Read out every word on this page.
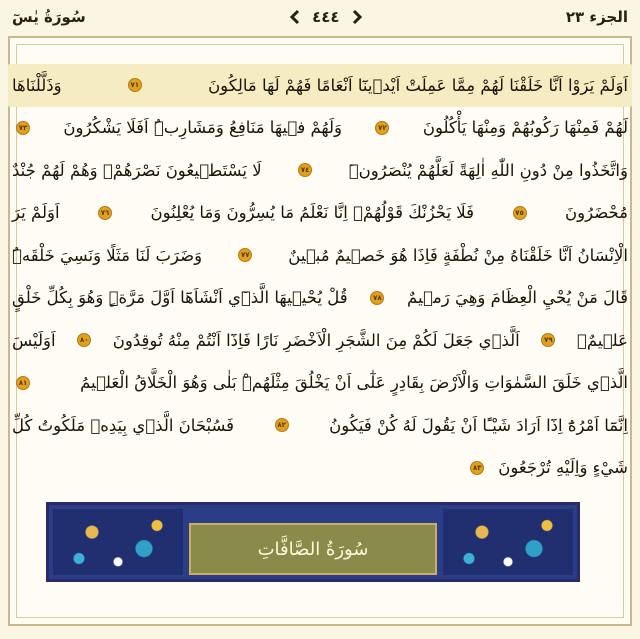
سُورَةُ يٰسٓ	٤٤٤	الجزء ٢٣
اَوَلَمْ يَرَوْا اَنَّا خَلَقْنَا لَهُمْ مِمَّا عَمِلَتْ اَيْدٖينَٓا اَنْعَامًا فَهُمْ لَهَا مَالِكُونَ
٧١
وَذَلَّلْنَاهَا
لَهُمْ فَمِنْهَا رَكُوبُهُمْ وَمِنْهَا يَأْكُلُونَ
٧٢
وَلَهُمْ فٖيهَا مَنَافِعُ وَمَشَارِبُۜ اَفَلَا يَشْكُرُونَ
٧٣
وَاتَّخَذُوا مِنْ دُونِ اللّٰهِ اٰلِهَةً لَعَلَّهُمْ يُنْصَرُونَۜ
٧٤
لَا يَسْتَطٖيعُونَ نَصْرَهُمْۙ وَهُمْ لَهُمْ جُنْدٌ
مُحْضَرُونَ
٧٥
فَلَا يَحْزُنْكَ قَوْلُهُمْۢ اِنَّا نَعْلَمُ مَا يُسِرُّونَ وَمَا يُعْلِنُونَ
٧٦
اَوَلَمْ يَرَ
الْاِنْسَانُ اَنَّا خَلَقْنَاهُ مِنْ نُطْفَةٍ فَاِذَا هُوَ خَصٖيمٌ مُبٖينٌ
٧٧
وَضَرَبَ لَنَا مَثَلًا وَنَسِيَ خَلْقَهُۜ
قَالَ مَنْ يُحْيِ الْعِظَامَ وَهِيَ رَمٖيمٌ
٧٨
قُلْ يُحْيٖيهَا الَّذٖٓي اَنْشَاَهَٓا اَوَّلَ مَرَّةٍۜ وَهُوَ بِكُلِّ خَلْقٍ
عَلٖيمٌۙ
٧٩
اَلَّذٖي جَعَلَ لَكُمْ مِنَ الشَّجَرِ الْاَخْضَرِ نَارًا فَاِذَٓا اَنْتُمْ مِنْهُ تُوقِدُونَ
٨٠
اَوَلَيْسَ
الَّذٖي خَلَقَ السَّمٰوَاتِ وَالْاَرْضَ بِقَادِرٍ عَلٰٓى اَنْ يَخْلُقَ مِثْلَهُمْۜ بَلٰى وَهُوَ الْخَلَّاقُ الْعَلٖيمُ
٨١
اِنَّمَٓا اَمْرُهُٓ اِذَٓا اَرَادَ شَيْـًٔا اَنْ يَقُولَ لَهُ كُنْ فَيَكُونُ
٨٢
فَسُبْحَانَ الَّذٖي بِيَدِهٖ مَلَكُوتُ كُلِّ
شَيْءٍ وَاِلَيْهِ تُرْجَعُونَ
٨٣
سُورَةُ الصَّافَّاتِ
